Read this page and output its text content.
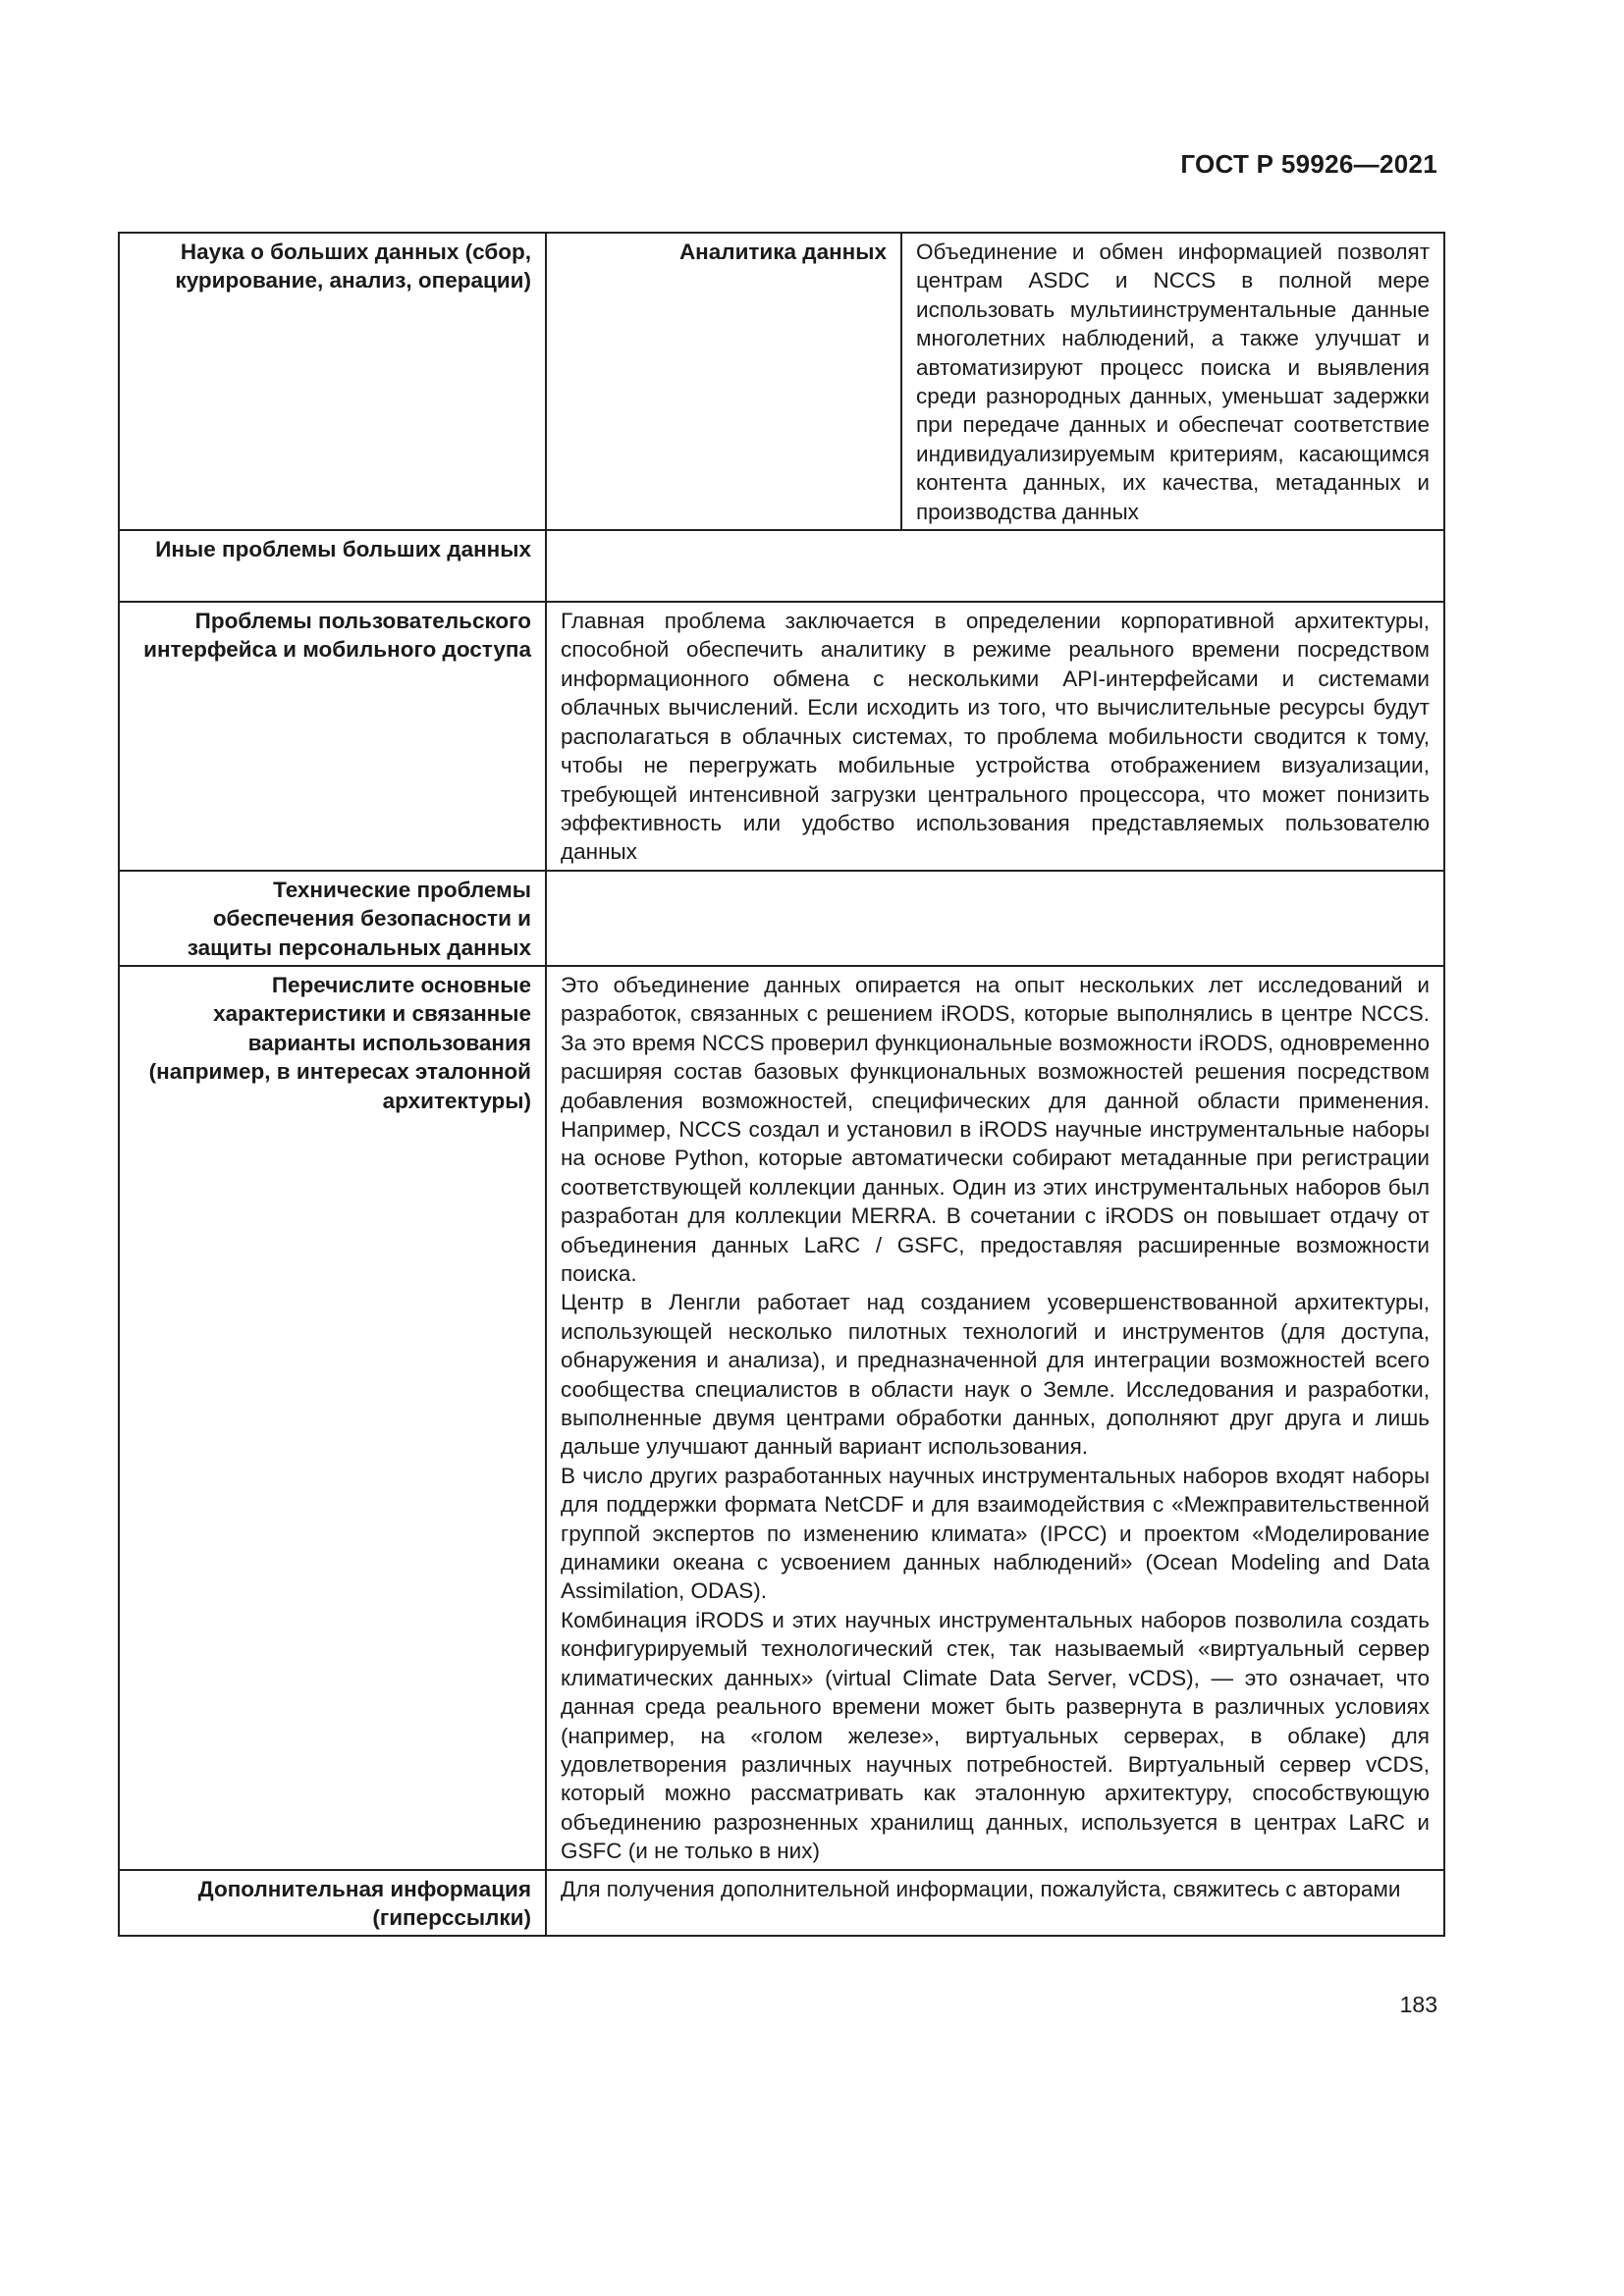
ГОСТ Р 59926—2021
Наука о больших данных (сбор, курирование, анализ, операции)	Аналитика данных	Объединение и обмен информацией позволят центрам ASDC и NCCS в полной мере использовать мультиинструментальные данные многолетних наблюдений, а также улучшат и автоматизируют процесс поиска и выявления среди разнородных данных, уменьшат задержки при передаче данных и обеспечат соответствие индивидуализируемым критериям, касающимся контента данных, их качества, метаданных и производства данных
Иные проблемы больших данных		
Проблемы пользовательского интерфейса и мобильного доступа	Главная проблема заключается в определении корпоративной архитектуры, способной обеспечить аналитику в режиме реального времени посредством информационного обмена с несколькими API-интерфейсами и системами облачных вычислений. Если исходить из того, что вычислительные ресурсы будут располагаться в облачных системах, то проблема мобильности сводится к тому, чтобы не перегружать мобильные устройства отображением визуализации, требующей интенсивной загрузки центрального процессора, что может понизить эффективность или удобство использования представляемых пользователю данных	
Технические проблемы обеспечения безопасности и защиты персональных данных		
Перечислите основные характеристики и связанные варианты использования (например, в интересах эталонной архитектуры)	Это объединение данных опирается на опыт нескольких лет исследований и разработок, связанных с решением iRODS, которые выполнялись в центре NCCS. За это время NCCS проверил функциональные возможности iRODS, одновременно расширяя состав базовых функциональных возможностей решения посредством добавления возможностей, специфических для данной области применения. Например, NCCS создал и установил в iRODS научные инструментальные наборы на основе Python, которые автоматически собирают метаданные при регистрации соответствующей коллекции данных. Один из этих инструментальных наборов был разработан для коллекции MERRA. В сочетании с iRODS он повышает отдачу от объединения данных LaRC / GSFC, предоставляя расширенные возможности поиска.
Центр в Ленгли работает над созданием усовершенствованной архитектуры, использующей несколько пилотных технологий и инструментов (для доступа, обнаружения и анализа), и предназначенной для интеграции возможностей всего сообщества специалистов в области наук о Земле. Исследования и разработки, выполненные двумя центрами обработки данных, дополняют друг друга и лишь дальше улучшают данный вариант использования.
В число других разработанных научных инструментальных наборов входят наборы для поддержки формата NetCDF и для взаимодействия с «Межправительственной группой экспертов по изменению климата» (IPCC) и проектом «Моделирование динамики океана с усвоением данных наблюдений» (Ocean Modeling and Data Assimilation, ODAS).
Комбинация iRODS и этих научных инструментальных наборов позволила создать конфигурируемый технологический стек, так называемый «виртуальный сервер климатических данных» (virtual Climate Data Server, vCDS), — это означает, что данная среда реального времени может быть развернута в различных условиях (например, на «голом железе», виртуальных серверах, в облаке) для удовлетворения различных научных потребностей. Виртуальный сервер vCDS, который можно рассматривать как эталонную архитектуру, способствующую объединению разрозненных хранилищ данных, используется в центрах LaRC и GSFC (и не только в них)	

Дополнительная информация (гиперссылки)	Для получения дополнительной информации, пожалуйста, свяжитесь с авторами	
183
